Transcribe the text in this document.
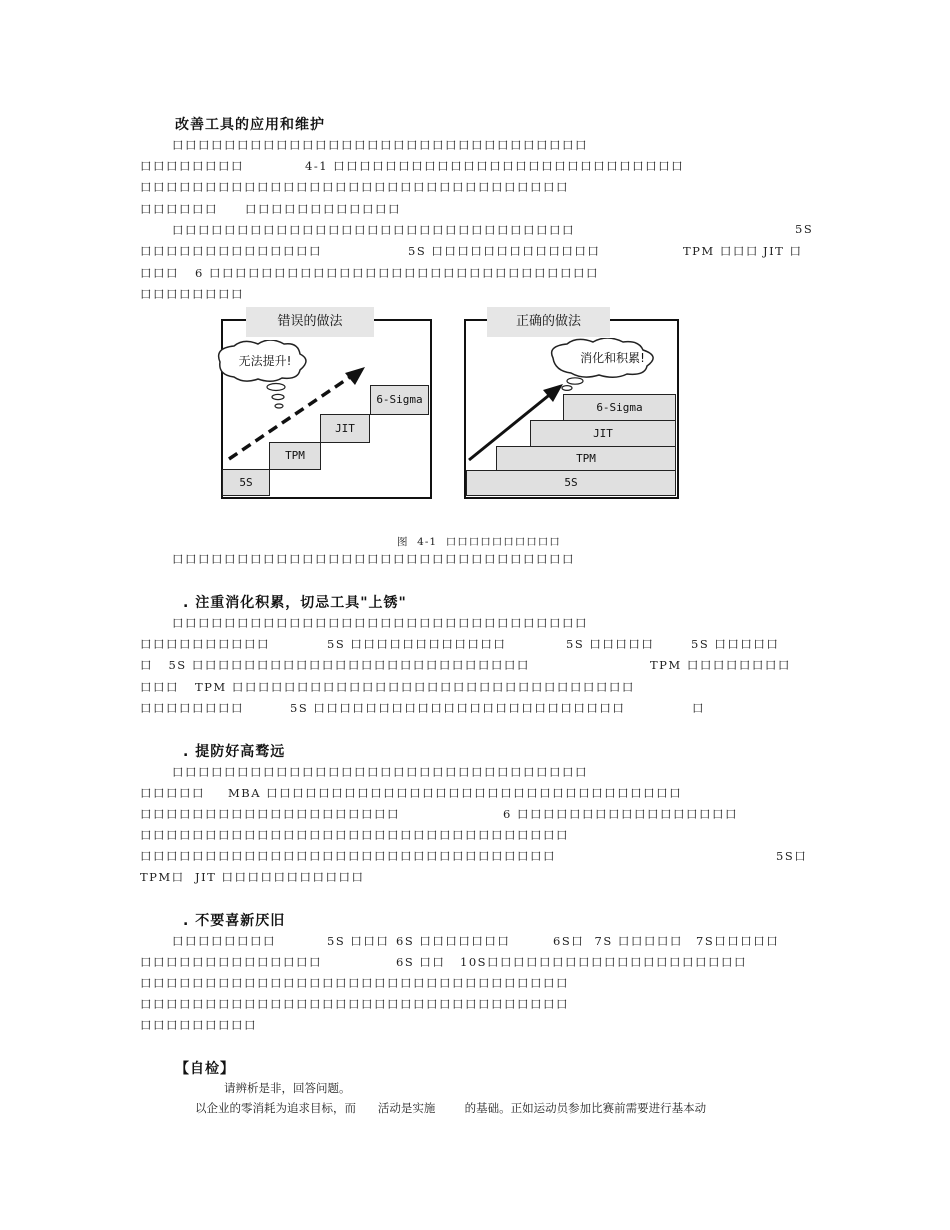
改善工具的应用和维护
口口口口口口口口口口口口口口口口口口口口口口口口口口口口口口口口
口口口口口口口口	4-1 口口口口口口口口口口口口口口口口口口口口口口口口口口口
口口口口口口口口口口口口口口口口口口口口口口口口口口口口口口口口口
口口口口口口 口口口口口口口口口口口口
口口口口口口口口口口口口口口口口口口口口口口口口口口口口口口口	5S
口口口口口口口口口口口口口口	5S 口口口口口口口口口口口口口	TPM 口口口 JIT 口
口口口 6 口口口口口口口口口口口口口口口口口口口口口口口口口口口口口口
口口口口口口口口
错误的做法
无法提升!
5S
TPM
JIT
6-Sigma
正确的做法
消化和积累!
5S
TPM
JIT
6-Sigma
图  4-1  口口口口口口口口口口
口口口口口口口口口口口口口口口口口口口口口口口口口口口口口口口
. 注重消化积累，切忌工具"上锈"
口口口口口口口口口口口口口口口口口口口口口口口口口口口口口口口口
口口口口口口口口口口	5S 口口口口口口口口口口口口	5S 口口口口口	5S 口口口口口
口   5S 口口口口口口口口口口口口口口口口口口口口口口口口口口	TPM 口口口口口口口口
口口口 TPM 口口口口口口口口口口口口口口口口口口口口口口口口口口口口口口口
口口口口口口口口	5S 口口口口口口口口口口口口口口口口口口口口口口口口	口
. 提防好高骛远
口口口口口口口口口口口口口口口口口口口口口口口口口口口口口口口口
口口口口口 MBA 口口口口口口口口口口口口口口口口口口口口口口口口口口口口口口口口
口口口口口口口口口口口口口口口口口口口口	6 口口口口口口口口口口口口口口口口口
口口口口口口口口口口口口口口口口口口口口口口口口口口口口口口口口口
口口口口口口口口口口口口口口口口口口口口口口口口口口口口口口口口	5S口
TPM口  JIT 口口口口口口口口口口口
. 不要喜新厌旧
口口口口口口口口	5S 口口口 6S 口口口口口口口	6S口  7S 口口口口口 7S口口口口口
口口口口口口口口口口口口口口	6S 口口 10S口口口口口口口口口口口口口口口口口口口口
口口口口口口口口口口口口口口口口口口口口口口口口口口口口口口口口口
口口口口口口口口口口口口口口口口口口口口口口口口口口口口口口口口口
口口口口口口口口口
【自检】
请辨析是非，回答问题。
以企业的零消耗为追求目标，而      活动是实施        的基础。正如运动员参加比赛前需要进行基本动
